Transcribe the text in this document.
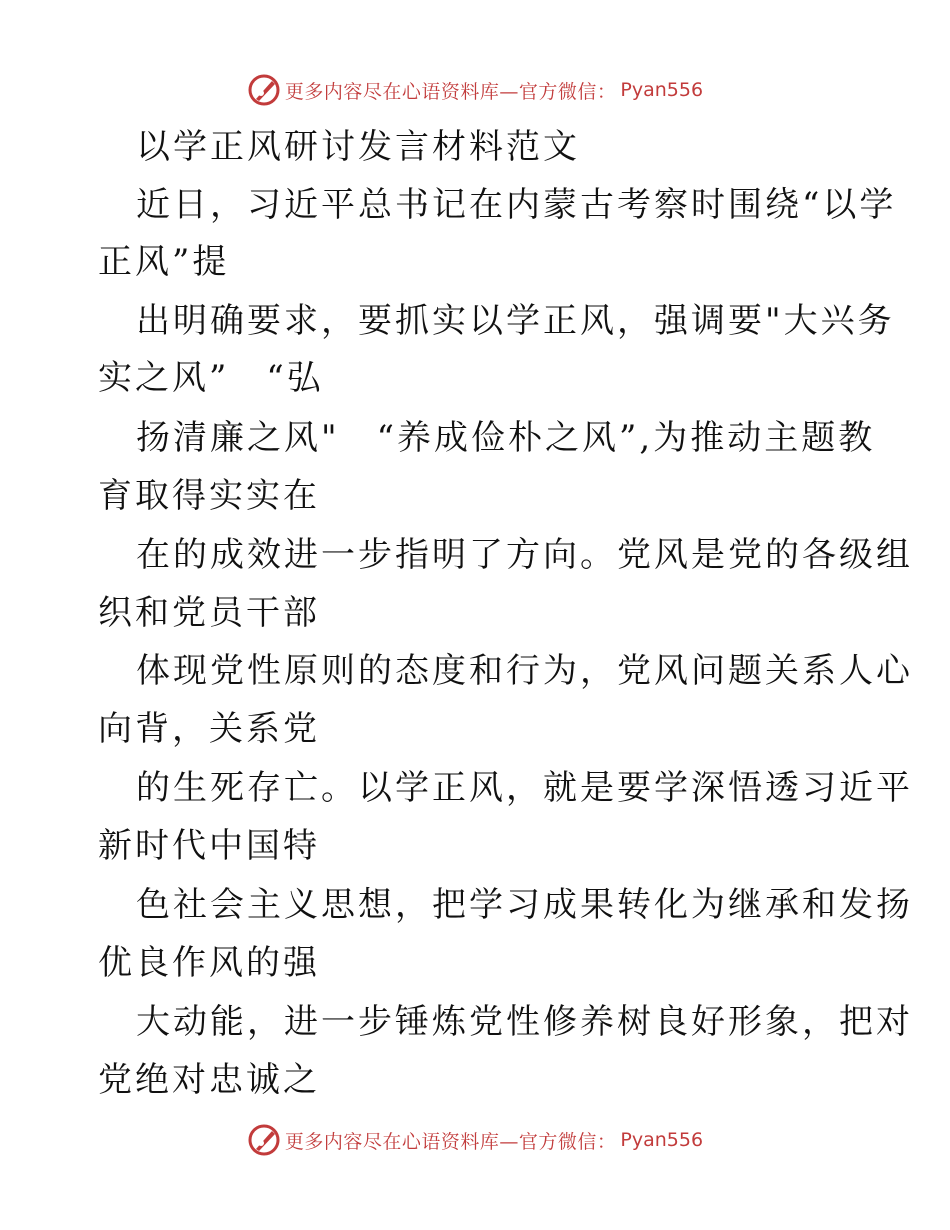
更多内容尽在心语资料库—官方微信： Pyan556
以学正风研讨发言材料范文
近日，习近平总书记在内蒙古考察时围绕“以学
正风”提
出明确要求，要抓实以学正风，强调要"大兴务
实之风”　“弘
扬清廉之风"　“养成俭朴之风”,为推动主题教
育取得实实在
在的成效进一步指明了方向。党风是党的各级组
织和党员干部
体现党性原则的态度和行为，党风问题关系人心
向背，关系党
的生死存亡。以学正风，就是要学深悟透习近平
新时代中国特
色社会主义思想，把学习成果转化为继承和发扬
优良作风的强
大动能，进一步锤炼党性修养树良好形象，把对
党绝对忠诚之
更多内容尽在心语资料库—官方微信： Pyan556
